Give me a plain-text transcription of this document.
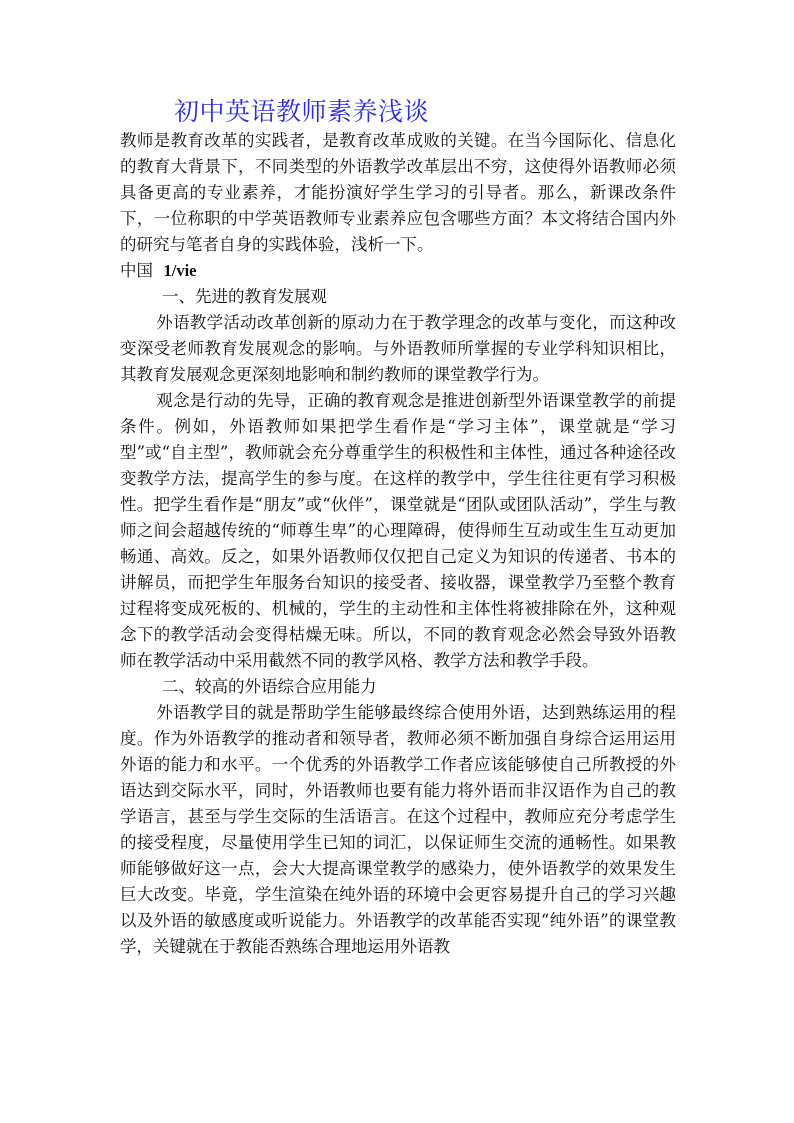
初中英语教师素养浅谈

教师是教育改革的实践者，是教育改革成败的关键。在当今国际化、信息化的教育大背景下，不同类型的外语教学改革层出不穷，这使得外语教师必须具备更高的专业素养，才能扮演好学生学习的引导者。那么，新课改条件下，一位称职的中学英语教师专业素养应包含哪些方面？本文将结合国内外的研究与笔者自身的实践体验，浅析一下。

中国 1/vie

一、先进的教育发展观

外语教学活动改革创新的原动力在于教学理念的改革与变化，而这种改变深受老师教育发展观念的影响。与外语教师所掌握的专业学科知识相比，其教育发展观念更深刻地影响和制约教师的课堂教学行为。

观念是行动的先导，正确的教育观念是推进创新型外语课堂教学的前提条件。例如，外语教师如果把学生看作是“学习主体”，课堂就是“学习型”或“自主型”，教师就会充分尊重学生的积极性和主体性，通过各种途径改变教学方法，提高学生的参与度。在这样的教学中，学生往往更有学习积极性。把学生看作是“朋友”或“伙伴”，课堂就是“团队或团队活动”，学生与教师之间会超越传统的“师尊生卑”的心理障碍，使得师生互动或生生互动更加畅通、高效。反之，如果外语教师仅仅把自己定义为知识的传递者、书本的讲解员，而把学生年服务台知识的接受者、接收器，课堂教学乃至整个教育过程将变成死板的、机械的，学生的主动性和主体性将被排除在外，这种观念下的教学活动会变得枯燥无味。所以，不同的教育观念必然会导致外语教师在教学活动中采用截然不同的教学风格、教学方法和教学手段。

二、较高的外语综合应用能力

外语教学目的就是帮助学生能够最终综合使用外语，达到熟练运用的程度。作为外语教学的推动者和领导者，教师必须不断加强自身综合运用运用外语的能力和水平。一个优秀的外语教学工作者应该能够使自己所教授的外语达到交际水平，同时，外语教师也要有能力将外语而非汉语作为自己的教学语言，甚至与学生交际的生活语言。在这个过程中，教师应充分考虑学生的接受程度，尽量使用学生已知的词汇，以保证师生交流的通畅性。如果教师能够做好这一点，会大大提高课堂教学的感染力，使外语教学的效果发生巨大改变。毕竟，学生渲染在纯外语的环境中会更容易提升自己的学习兴趣以及外语的敏感度或听说能力。外语教学的改革能否实现“纯外语”的课堂教学，关键就在于教能否熟练合理地运用外语教
